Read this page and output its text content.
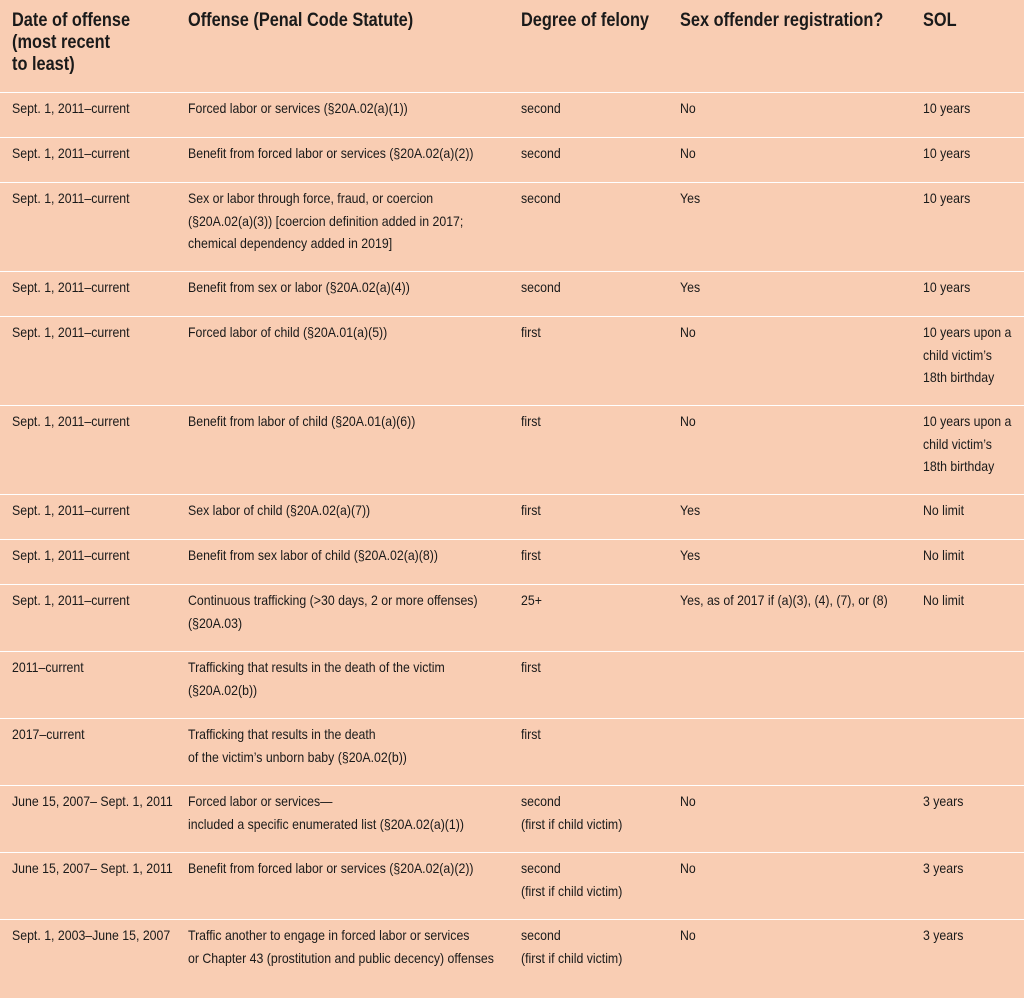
Date of offense
(most recent
to least)
Offense (Penal Code Statute)	Degree of felony	Sex offender registration?	SOL
Sept. 1, 2011–current	Forced labor or services (§20A.02(a)(1))	second	No	10 years
Sept. 1, 2011–current	Benefit from forced labor or services (§20A.02(a)(2))	second	No	10 years
Sept. 1, 2011–current	Sex or labor through force, fraud, or coercion
(§20A.02(a)(3)) [coercion definition added in 2017;
chemical dependency added in 2019]
second	Yes	10 years
Sept. 1, 2011–current	Benefit from sex or labor (§20A.02(a)(4))	second	Yes	10 years
Sept. 1, 2011–current	Forced labor of child (§20A.01(a)(5))	first	No	10 years upon a
child victim’s
18th birthday
Sept. 1, 2011–current	Benefit from labor of child (§20A.01(a)(6))	first	No	10 years upon a
child victim’s
18th birthday
Sept. 1, 2011–current	Sex labor of child (§20A.02(a)(7))	first	Yes	No limit
Sept. 1, 2011–current	Benefit from sex labor of child (§20A.02(a)(8))	first	Yes	No limit
Sept. 1, 2011–current	Continuous trafficking (>30 days, 2 or more offenses)
(§20A.03)
25+	Yes, as of 2017 if (a)(3), (4), (7), or (8)	No limit
2011–current	Trafficking that results in the death of the victim
(§20A.02(b))
first
2017–current	Trafficking that results in the death
of the victim’s unborn baby (§20A.02(b))
first
June 15, 2007– Sept. 1, 2011	Forced labor or services—
included a specific enumerated list (§20A.02(a)(1))
second
(first if child victim)
No	3 years
June 15, 2007– Sept. 1, 2011	Benefit from forced labor or services (§20A.02(a)(2))	second
(first if child victim)
No	3 years
Sept. 1, 2003–June 15, 2007	Traffic another to engage in forced labor or services
or Chapter 43 (prostitution and public decency) offenses
second
(first if child victim)
No	3 years
